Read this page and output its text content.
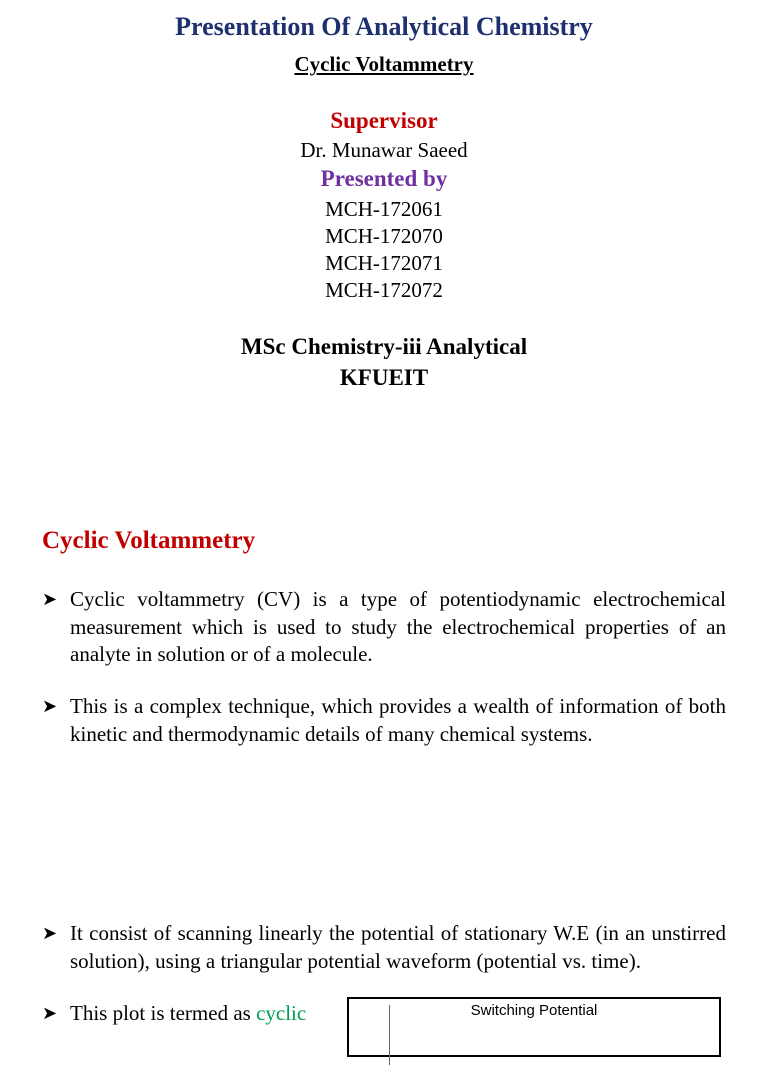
Presentation Of Analytical Chemistry
Cyclic Voltammetry
Supervisor
Dr. Munawar Saeed
Presented by
MCH-172061
MCH-172070
MCH-172071
MCH-172072
MSc Chemistry-iii Analytical
KFUEIT
Cyclic Voltammetry
➤ Cyclic voltammetry (CV) is a type of potentiodynamic electrochemical measurement which is used to study the electrochemical properties of an analyte in solution or of a molecule.
➤ This is a complex technique, which provides a wealth of information of both kinetic and thermodynamic details of many chemical systems.
➤ It consist of scanning linearly the potential of stationary W.E (in an unstirred solution), using a triangular potential waveform (potential vs. time).
➤ This plot is termed as cyclic	Switching Potential
